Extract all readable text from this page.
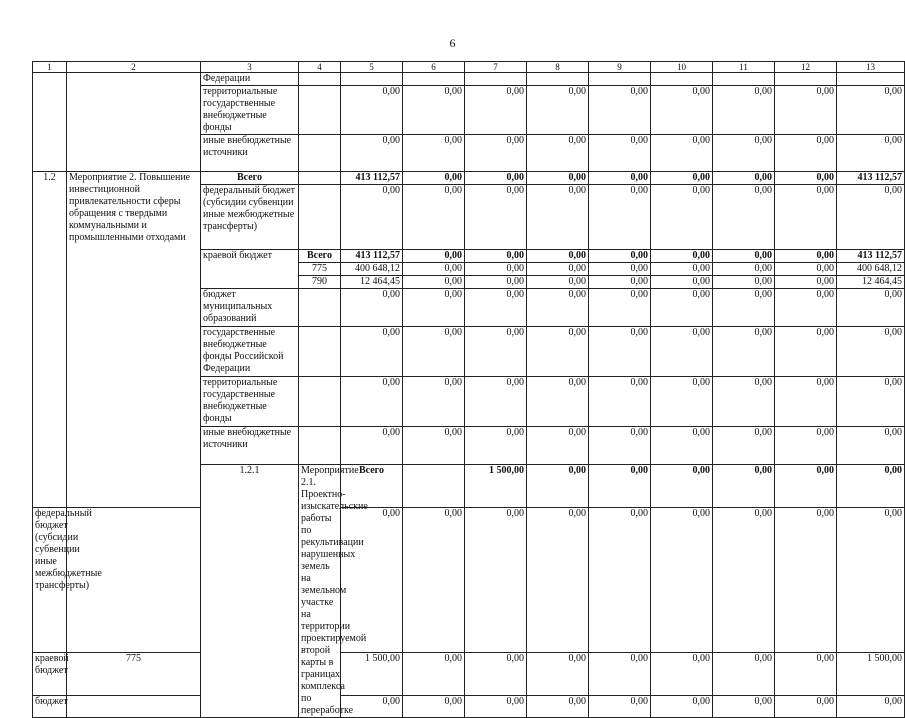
6
1	2	3	4	5	6	7	8	9	10	11	12	13	
		Федерации											
		территориальные государственные внебюджетные фонды		0,00	0,00	0,00	0,00	0,00	0,00	0,00	0,00	0,00	
		иные внебюджетные источники		0,00	0,00	0,00	0,00	0,00	0,00	0,00	0,00	0,00	
1.2	Мероприятие 2. Повышение инвестиционной привлекательности сферы обращения с твердыми коммунальными и промышленными отходами	Всего		413 112,57	0,00	0,00	0,00	0,00	0,00	0,00	0,00	413 112,57	
		федеральный бюджет (субсидии субвенции иные межбюджетные трансферты)		0,00	0,00	0,00	0,00	0,00	0,00	0,00	0,00	0,00	
		краевой бюджет	Всего	413 112,57	0,00	0,00	0,00	0,00	0,00	0,00	0,00	413 112,57	
			775	400 648,12	0,00	0,00	0,00	0,00	0,00	0,00	0,00	400 648,12	
			790	12 464,45	0,00	0,00	0,00	0,00	0,00	0,00	0,00	12 464,45	
		бюджет муниципальных образований		0,00	0,00	0,00	0,00	0,00	0,00	0,00	0,00	0,00	
		государственные внебюджетные фонды Российской Федерации		0,00	0,00	0,00	0,00	0,00	0,00	0,00	0,00	0,00	
		территориальные государственные внебюджетные фонды		0,00	0,00	0,00	0,00	0,00	0,00	0,00	0,00	0,00	
		иные внебюджетные источники		0,00	0,00	0,00	0,00	0,00	0,00	0,00	0,00	0,00	
		1.2.1	Мероприятие 2.1. Проектно-изыскательские работы по рекультивации нарушенных земель на земельном участке на территории проектируемой второй карты в границах комплекса по переработке	Всего		1 500,00	0,00	0,00	0,00	0,00	0,00	0,00		
федеральный бюджет (субсидии субвенции иные межбюджетные трансферты)				0,00	0,00	0,00	0,00	0,00	0,00	0,00	0,00	0,00	
краевой бюджет	775			1 500,00	0,00	0,00	0,00	0,00	0,00	0,00	0,00	1 500,00	
бюджет				0,00	0,00	0,00	0,00	0,00	0,00	0,00	0,00	0,00	
